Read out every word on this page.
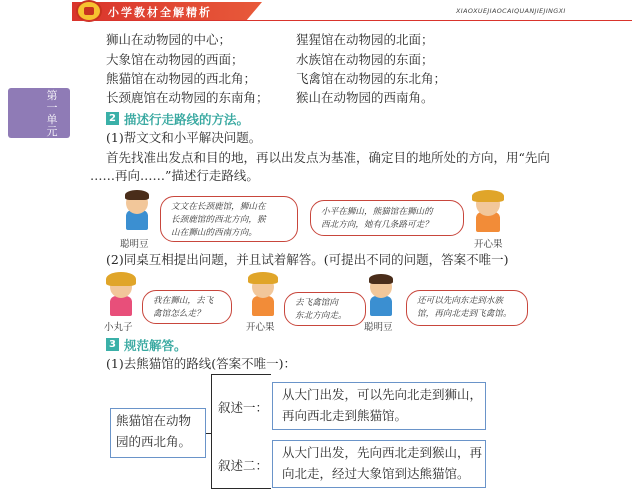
小学教材全解精析	XIAOXUEJIAOCAIQUANJIEJINGXI
第一单元
狮山在动物园的中心；	猩猩馆在动物园的北面；
大象馆在动物园的西面；	水族馆在动物园的东面；
熊猫馆在动物园的西北角；	飞禽馆在动物园的东北角；
长颈鹿馆在动物园的东南角； 猴山在动物园的西南角。
2 描述行走路线的方法。
(1)帮文文和小平解决问题。
首先找准出发点和目的地，再以出发点为基准，确定目的地所处的方向，用“先向
……再向……”描述行走路线。
聪明豆
文文在长颈鹿馆，狮山在
长颈鹿馆的西北方向，猴
山在狮山的西南方向。
小平在狮山，熊猫馆在狮山的
西北方向，她有几条路可走？
开心果
(2)同桌互相提出问题，并且试着解答。(可提出不同的问题，答案不唯一)
小丸子
我在狮山，去飞
禽馆怎么走？
开心果
去飞禽馆向
东北方向走。
聪明豆
还可以先向东走到水族
馆，再向北走到飞禽馆。
3 规范解答。
(1)去熊猫馆的路线(答案不唯一)：
熊猫馆在动物
园的西北角。
叙述一：
从大门出发，可以先向北走到狮山，
再向西北走到熊猫馆。
叙述二：
从大门出发，先向西北走到猴山，再
向北走，经过大象馆到达熊猫馆。
